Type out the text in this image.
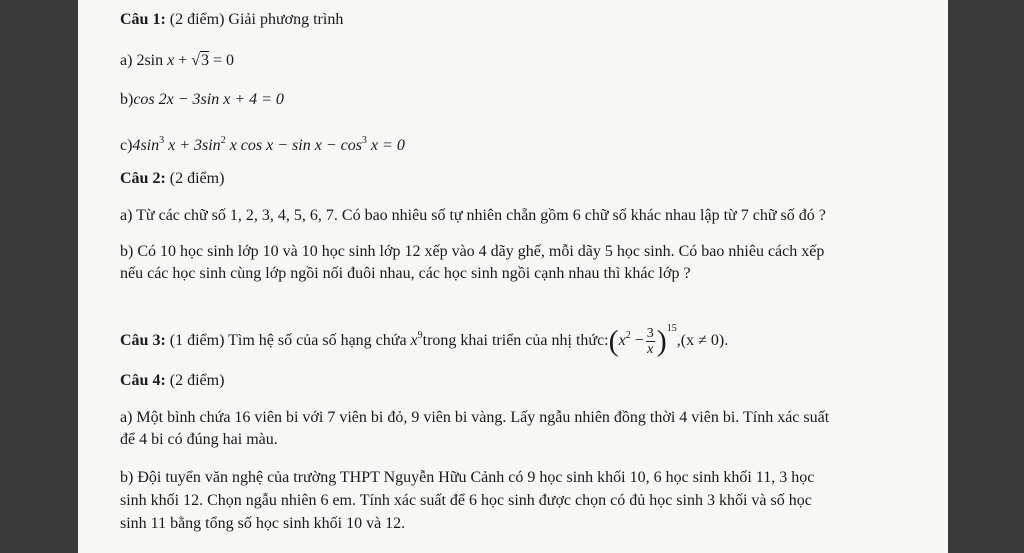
Câu 1: (2 điểm) Giải phương trình
a) 2sin x + √3 = 0
b)cos 2x − 3sin x + 4 = 0
$c)4\sin^3$ $x + 3\sin^2$ x $\cos x - \sin x - \cos^3 x = 0$
Câu 2: (2 điểm)
a) Từ các chữ số 1, 2, 3, 4, 5, 6, 7. Có bao nhiêu số tự nhiên chẵn gồm 6 chữ số khác nhau lập từ 7 chữ số đó ?
b) Có 10 học sinh lớp 10 và 10 học sinh lớp 12 xếp vào 4 dãy ghế, mỗi dãy 5 học sinh. Có bao nhiêu cách xếp
nếu các học sinh cùng lớp ngồi nối đuôi nhau, các học sinh ngồi cạnh nhau thì khác lớp ?
Câu 3: (1 điểm) Tìm hệ số của số hạng chứa $x^9trong$ khai triển của nhị $thức:(x^2 - \frac{3}{x} )^{15},(x \ne 0)$.
Câu 4: (2 điểm)
a) Một bình chứa 16 viên bi với 7 viên bi đỏ, 9 viên bi vàng. Lấy ngẫu nhiên đồng thời 4 viên bi. Tính xác suất
để 4 bi có đúng hai màu.
b) Đội tuyển văn nghệ của trường THPT Nguyễn Hữu Cảnh có 9 học sinh khối 10, 6 học sinh khối 11, 3 học
sinh khối 12. Chọn ngẫu nhiên 6 em. Tính xác suất để 6 học sinh được chọn có đủ học sinh 3 khối và số học
sinh 11 bằng tổng số học sinh khối 10 và 12.
